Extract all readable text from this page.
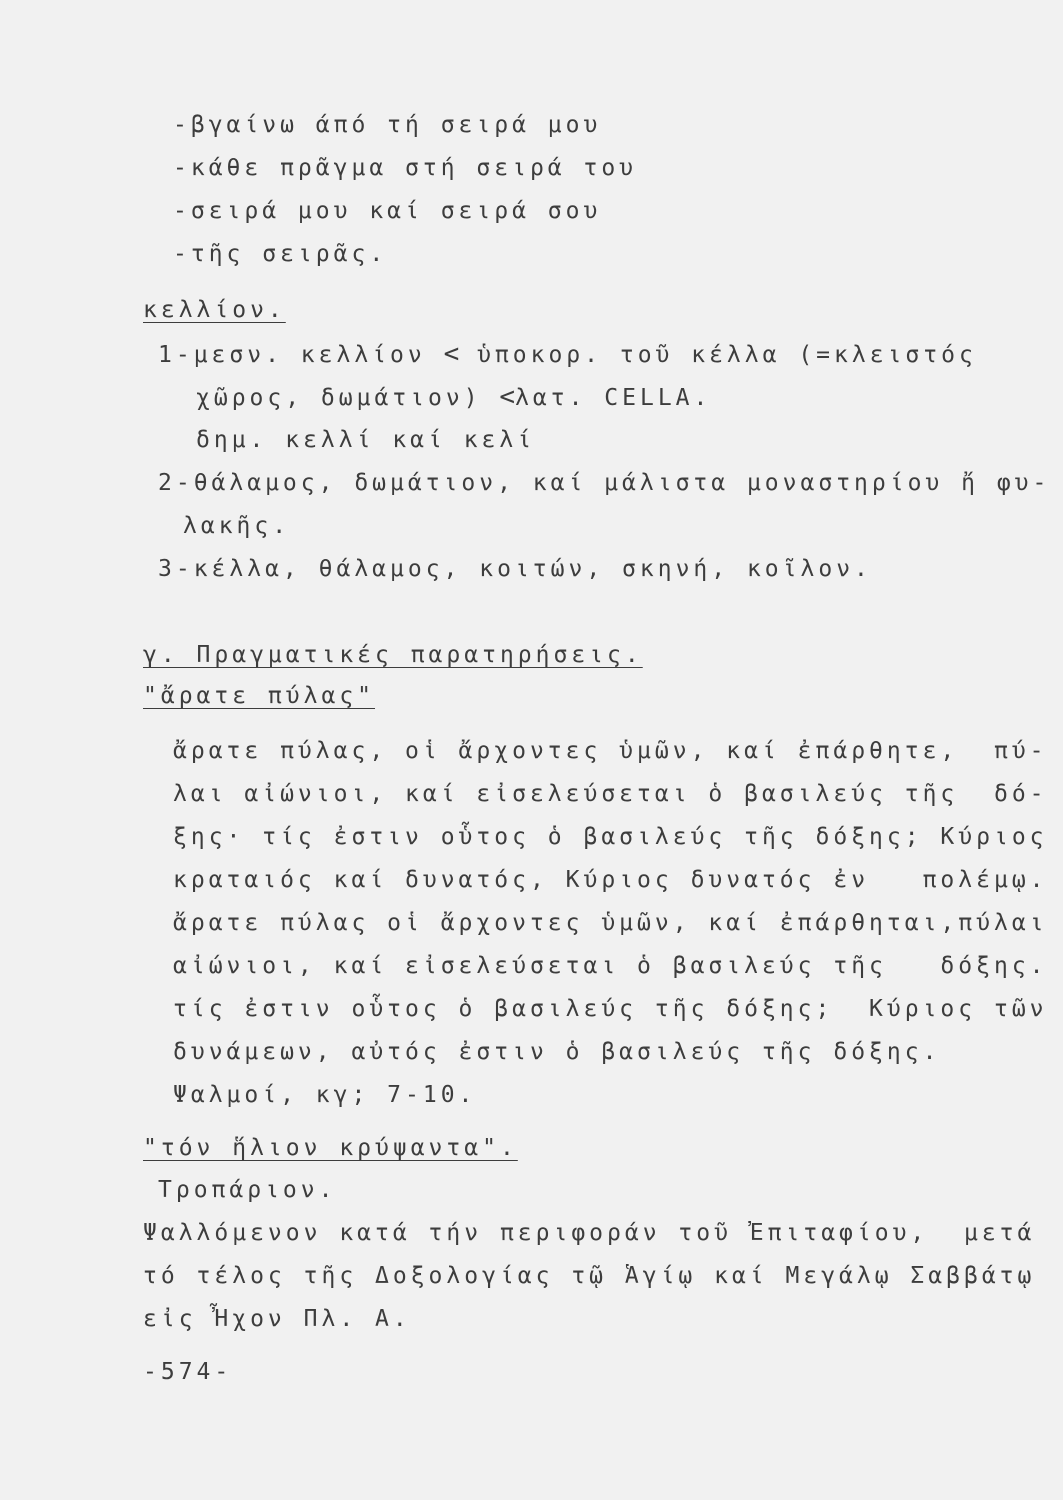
-βγαίνω άπό τή σειρά μου

-κάθε πρᾶγμα στή σειρά του

-σειρά μου καί σειρά σου

-τῆς σειρᾶς.

κελλίον.

1-μεσν. κελλίον < ὑποκορ. τοῦ κέλλα (=κλειστός

χῶρος, δωμάτιον) <λατ. CELLA.

δημ. κελλί καί κελί

2-θάλαμος, δωμάτιον, καί μάλιστα μοναστηρίου ἤ φυ-

λακῆς.

3-κέλλα, θάλαμος, κοιτών, σκηνή, κοῖλον.

γ. Πραγματικές παρατηρήσεις.

"ἄρατε πύλας"

ἄρατε πύλας, οἱ ἄρχοντες ὑμῶν, καί ἐπάρθητε,  πύ-

λαι αἰώνιοι, καί εἰσελεύσεται ὁ βασιλεύς τῆς  δό-

ξης· τίς ἐστιν οὗτος ὁ βασιλεύς τῆς δόξης; Κύριος

κραταιός καί δυνατός, Κύριος δυνατός ἐν   πολέμῳ.

ἄρατε πύλας οἱ ἄρχοντες ὑμῶν, καί ἐπάρθηται,πύλαι

αἰώνιοι, καί εἰσελεύσεται ὁ βασιλεύς τῆς   δόξης.

τίς ἐστιν οὗτος ὁ βασιλεύς τῆς δόξης;  Κύριος τῶν

δυνάμεων, αὐτός ἐστιν ὁ βασιλεύς τῆς δόξης.

Ψαλμοί, κγ; 7-10.

"τόν ἥλιον κρύψαντα".

Τροπάριον.

Ψαλλόμενον κατά τήν περιφοράν τοῦ Ἐπιταφίου,  μετά

τό τέλος τῆς Δοξολογίας τῷ Ἁγίῳ καί Μεγάλῳ Σαββάτῳ

εἰς Ἦχον Πλ. Α.

-574-
